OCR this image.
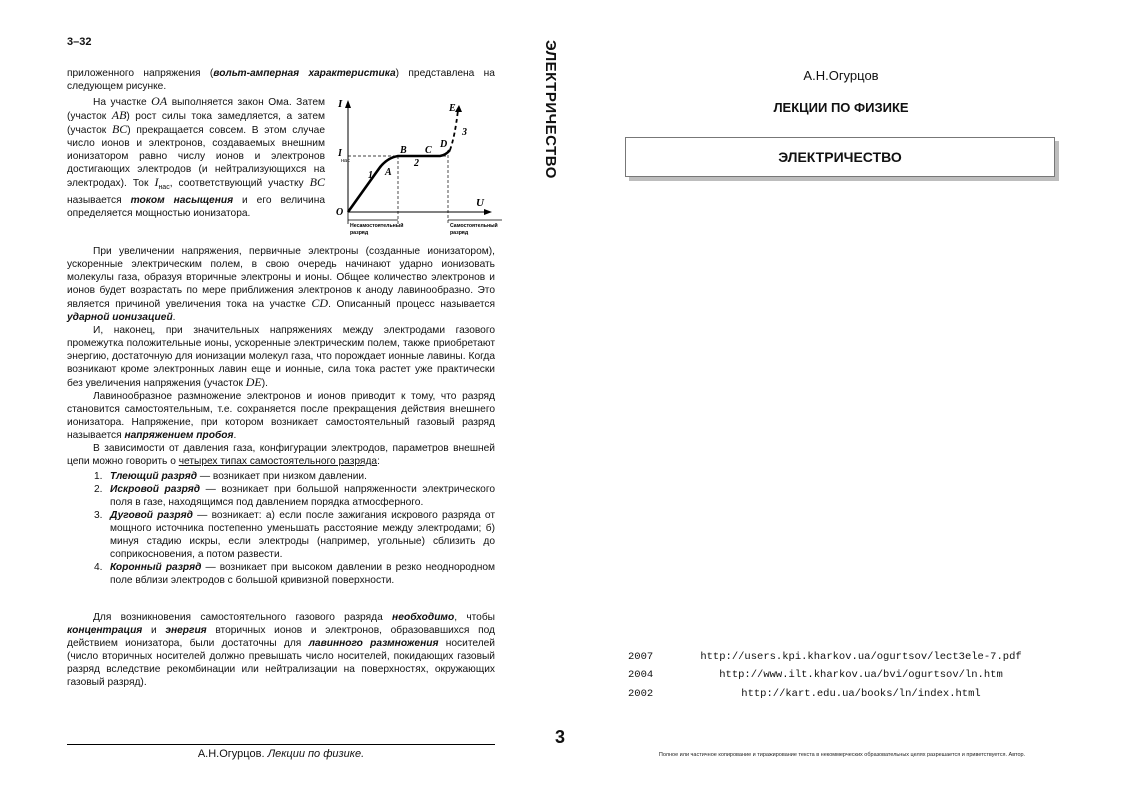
3–32

приложенного напряжения (вольт-амперная характеристика) представлена на следующем рисунке.

На участке OA выполняется закон Ома. Затем (участок AB) рост силы тока замедляется, а затем (участок BC) прекращается совсем. В этом случае число ионов и электронов, создаваемых внешним ионизатором равно числу ионов и электронов достигающих электродов (и нейтрализующихся на электродах). Ток $I_{нас}$, соответствующий участку BC называется током насыщения и его величина определяется мощностью ионизатора.

I
U
O
I
нас
A
B C
D
E
1
2
3
Несамостоятельный
разряд
Самостоятельный
разряд

При увеличении напряжения, первичные электроны (созданные ионизатором), ускоренные электрическим полем, в свою очередь начинают ударно ионизовать молекулы газа, образуя вторичные электроны и ионы. Общее количество электронов и ионов будет возрастать по мере приближения электронов к аноду лавинообразно. Это является причиной увеличения тока на участке CD. Описанный процесс называется ударной ионизацией.

И, наконец, при значительных напряжениях между электродами газового промежутка положительные ионы, ускоренные электрическим полем, также приобретают энергию, достаточную для ионизации молекул газа, что порождает ионные лавины. Когда возникают кроме электронных лавин еще и ионные, сила тока растет уже практически без увеличения напряжения (участок DE).

Лавинообразное размножение электронов и ионов приводит к тому, что разряд становится самостоятельным, т.е. сохраняется после прекращения действия внешнего ионизатора. Напряжение, при котором возникает самостоятельный газовый разряд называется напряжением пробоя.

В зависимости от давления газа, конфигурации электродов, параметров внешней цепи можно говорить о четырех типах самостоятельного разряда:

1. Тлеющий разряд — возникает при низком давлении.
2. Искровой разряд — возникает при большой напряженности электрического поля в газе, находящимся под давлением порядка атмосферного.
3. Дуговой разряд — возникает: а) если после зажигания искрового разряда от мощного источника постепенно уменьшать расстояние между электродами; б) минуя стадию искры, если электроды (например, угольные) сблизить до соприкосновения, а потом развести.
4. Коронный разряд — возникает при высоком давлении в резко неоднородном поле вблизи электродов с большой кривизной поверхности.

Для возникновения самостоятельного газового разряда необходимо, чтобы концентрация и энергия вторичных ионов и электронов, образовавшихся под действием ионизатора, были достаточны для лавинного размножения носителей (число вторичных носителей должно превышать число носителей, покидающих газовый разряд вследствие рекомбинации или нейтрализации на поверхностях, окружающих газовый разряд).

А.Н.Огурцов. Лекции по физике.
ЭЛЕКТРИЧЕСТВО
3
А.Н.Огурцов
ЛЕКЦИИ ПО ФИЗИКЕ
ЭЛЕКТРИЧЕСТВО
2007	http://users.kpi.kharkov.ua/ogurtsov/lect3ele-7.pdf
2004	http://www.ilt.kharkov.ua/bvi/ogurtsov/ln.htm
2002	http://kart.edu.ua/books/ln/index.html
Полное или частичное копирование и тиражирование текста в некоммерческих образовательных целях разрешается и приветствуется. Автор.
